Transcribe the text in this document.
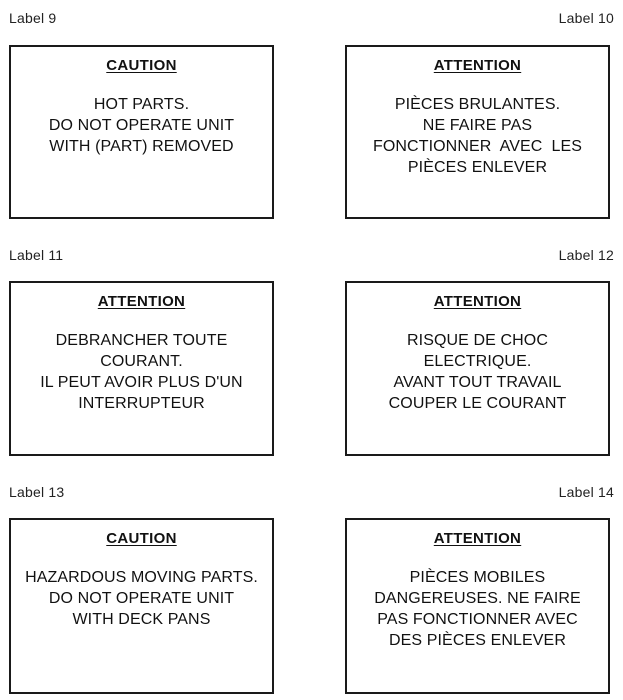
Label 9	Label 10
CAUTION
HOT PARTS.
DO NOT OPERATE UNIT
WITH (PART) REMOVED
ATTENTION
PIÈCES BRULANTES.
NE FAIRE PAS
FONCTIONNER  AVEC  LES
PIÈCES ENLEVER
Label 11	Label 12
ATTENTION
DEBRANCHER TOUTE
COURANT.
IL PEUT AVOIR PLUS D'UN
INTERRUPTEUR
ATTENTION
RISQUE DE CHOC
ELECTRIQUE.
AVANT TOUT TRAVAIL
COUPER LE COURANT
Label 13	Label 14
CAUTION
HAZARDOUS MOVING PARTS.
DO NOT OPERATE UNIT
WITH DECK PANS
ATTENTION
PIÈCES MOBILES
DANGEREUSES. NE FAIRE
PAS FONCTIONNER AVEC
DES PIÈCES ENLEVER
